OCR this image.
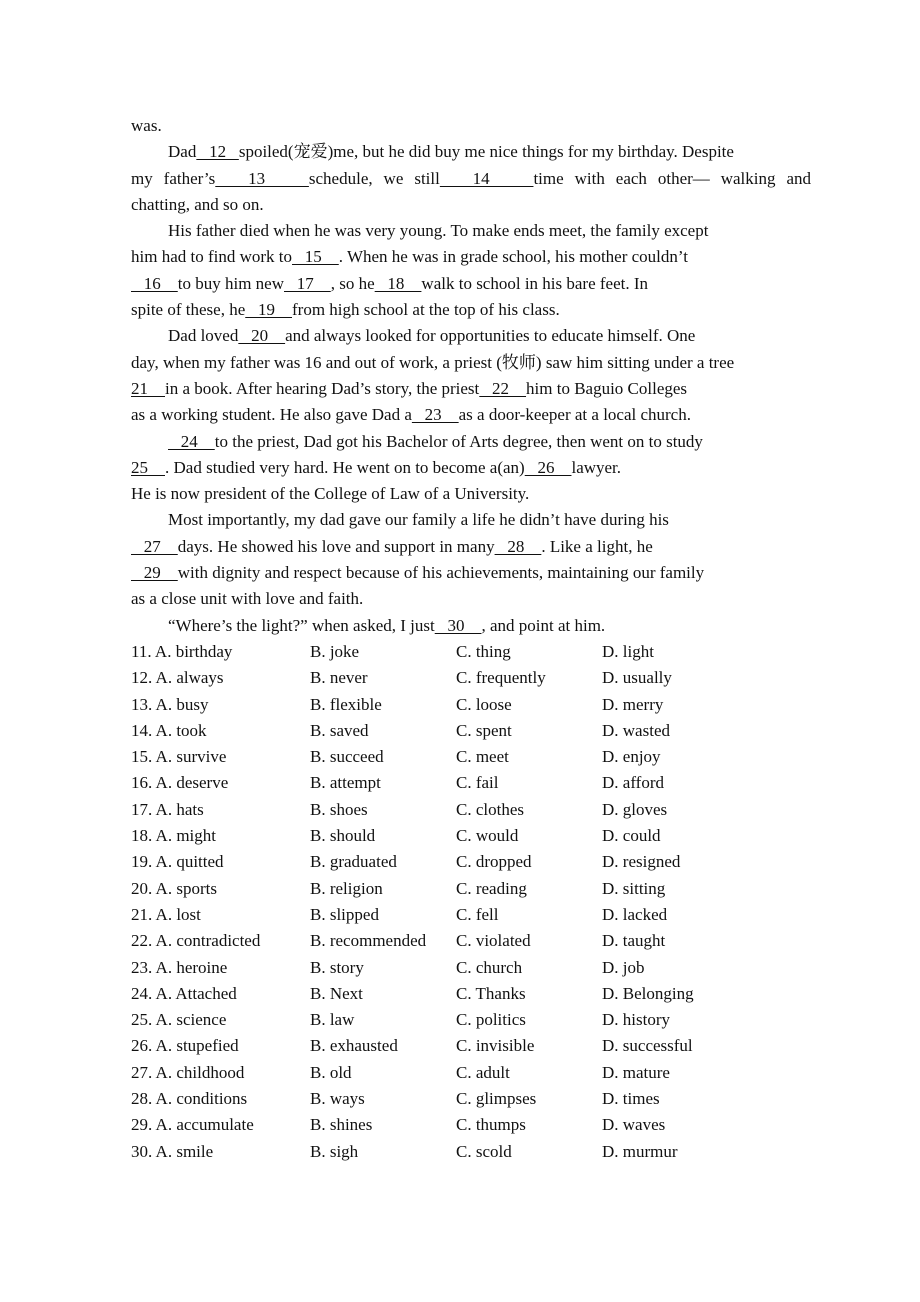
was.
Dad   12   spoiled(宠爱)me, but he did buy me nice things for my birthday. Despite
my father’s   13    schedule, we still   14    time with each other— walking and
chatting, and so on.
His father died when he was very young. To make ends meet, the family except
him had to find work to   15    . When he was in grade school, his mother couldn’t
16    to buy him new   17    , so he   18    walk to school in his bare feet. In
spite of these, he   19    from high school at the top of his class.
Dad loved   20    and always looked for opportunities to educate himself. One
day, when my father was 16 and out of work, a priest (牧师) saw him sitting under a tree
21    in a book. After hearing Dad’s story, the priest   22    him to Baguio Colleges
as a working student. He also gave Dad a   23    as a door-keeper at a local church.
24    to the priest, Dad got his Bachelor of Arts degree, then went on to study
25    . Dad studied very hard. He went on to become a(an)   26    lawyer.
He is now president of the College of Law of a University.
Most importantly, my dad gave our family a life he didn’t have during his
27    days. He showed his love and support in many   28    . Like a light, he
29    with dignity and respect because of his achievements, maintaining our family
as a close unit with love and faith.
“Where’s the light?” when asked, I just   30    , and point at him.
11. A. birthday	B. joke	C. thing	D. light
12. A. always	B. never	C. frequently	D. usually
13. A. busy	B. flexible	C. loose	D. merry
14. A. took	B. saved	C. spent	D. wasted
15. A. survive	B. succeed	C. meet	D. enjoy
16. A. deserve	B. attempt	C. fail	D. afford
17. A. hats	B. shoes	C. clothes	D. gloves
18. A. might	B. should	C. would	D. could
19. A. quitted	B. graduated	C. dropped	D. resigned
20. A. sports	B. religion	C. reading	D. sitting
21. A. lost	B. slipped	C. fell	D. lacked
22. A. contradicted	B. recommended C. violated	D. taught
23. A. heroine	B. story	C. church	D. job
24. A. Attached	B. Next	C. Thanks	D. Belonging
25. A. science	B. law	C. politics	D. history
26. A. stupefied	B. exhausted	C. invisible	D. successful
27. A. childhood	B. old	C. adult	D. mature
28. A. conditions	B. ways	C. glimpses	D. times
29. A. accumulate	B. shines	C. thumps	D. waves
30. A. smile	B. sigh	C. scold	D. murmur
